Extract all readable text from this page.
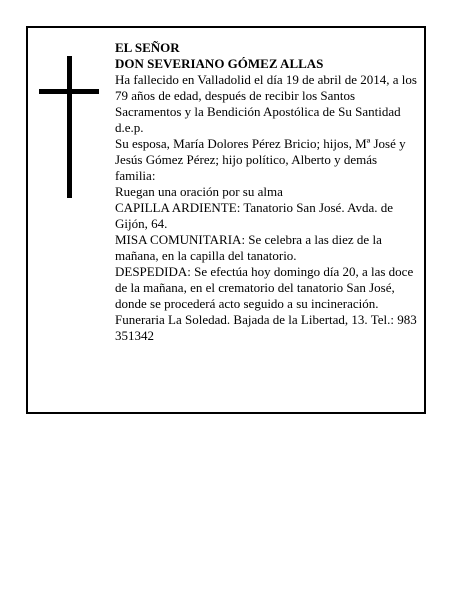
EL SEÑOR

DON SEVERIANO GÓMEZ ALLAS

Ha fallecido en Valladolid el día 19 de abril de 2014, a los 79 años de edad, después de recibir los Santos Sacramentos y la Bendición Apostólica de Su Santidad d.e.p.

Su esposa, María Dolores Pérez Bricio; hijos, Mª José y Jesús Gómez Pérez; hijo político, Alberto y demás familia:

Ruegan una oración por su alma

CAPILLA ARDIENTE: Tanatorio San José. Avda. de Gijón, 64.

MISA COMUNITARIA: Se celebra a las diez de la mañana, en la capilla del tanatorio.

DESPEDIDA: Se efectúa hoy domingo día 20, a las doce de la mañana, en el crematorio del tanatorio San José, donde se procederá acto seguido a su incineración.

Funeraria La Soledad. Bajada de la Libertad, 13. Tel.: 983 351342
